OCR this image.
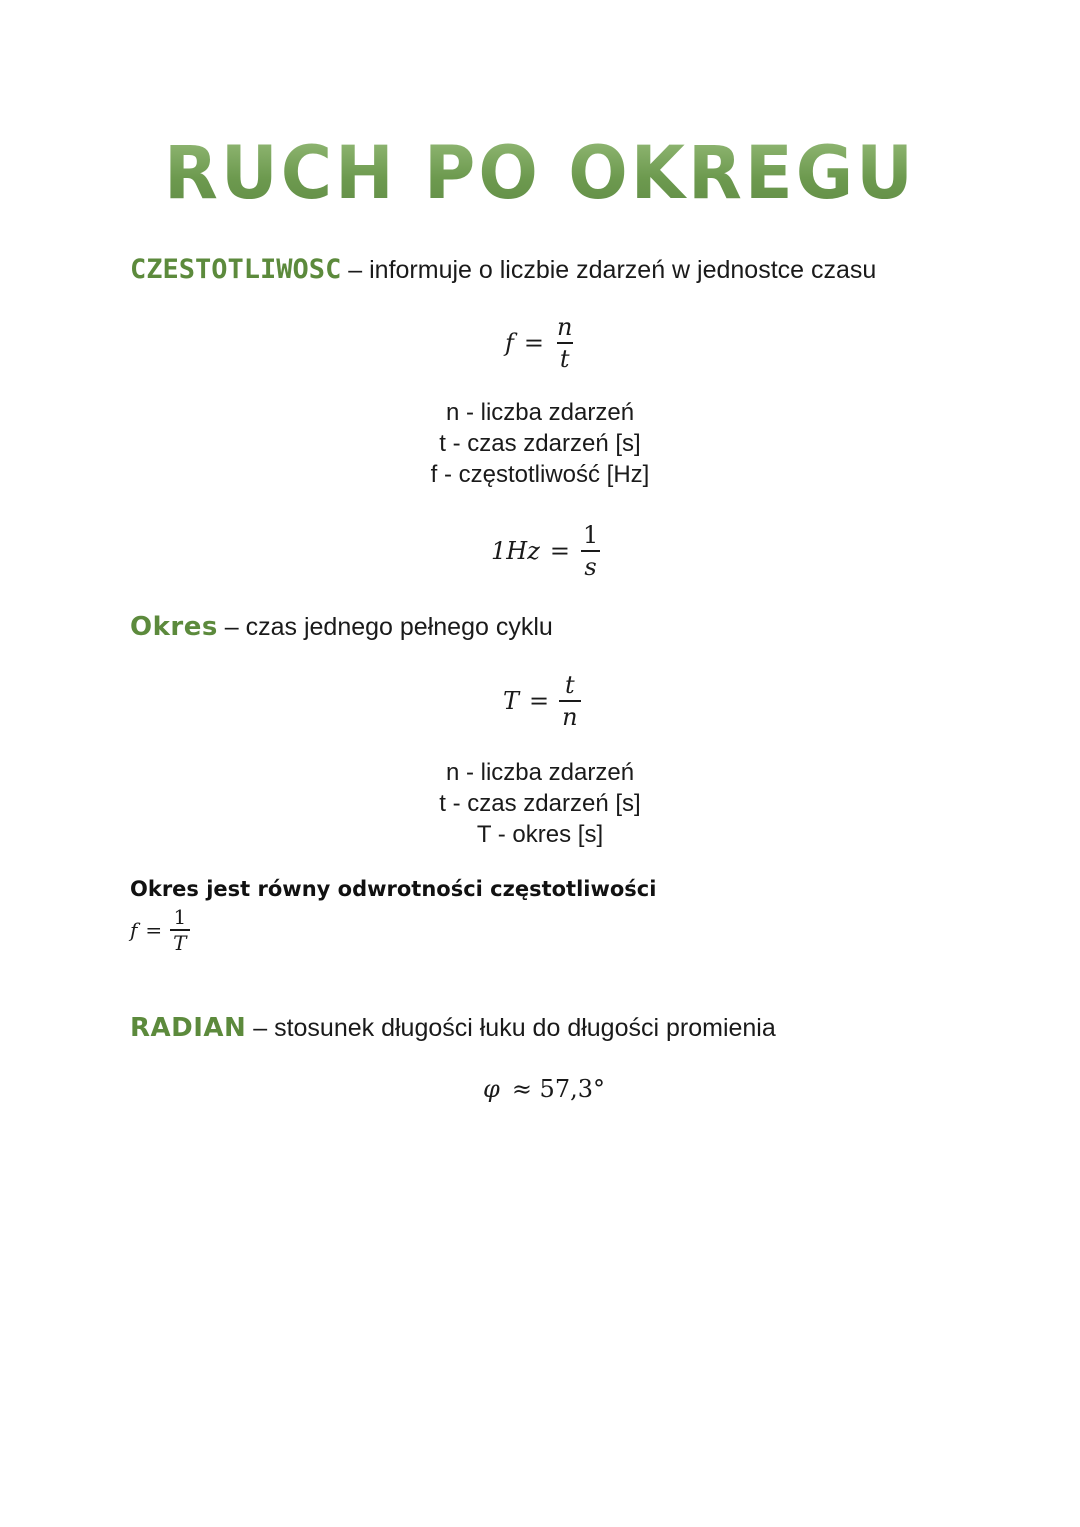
RUCH PO OKREGU
CZESTOTLIWOSC – informuje o liczbie zdarzeń w jednostce czasu
$f = \frac{n}{t}$
n - liczba zdarzeń
t - czas zdarzeń [s]
f - częstotliwość [Hz]
$1Hz = \frac{1}{s}$
Okres – czas jednego pełnego cyklu
$T = \frac{t}{n}$
n - liczba zdarzeń
t - czas zdarzeń [s]
T - okres [s]
Okres jest równy odwrotności częstotliwości
$f = \frac{1}{T}$
RADIAN – stosunek długości łuku do długości promienia
φ ≈ 57,3°
